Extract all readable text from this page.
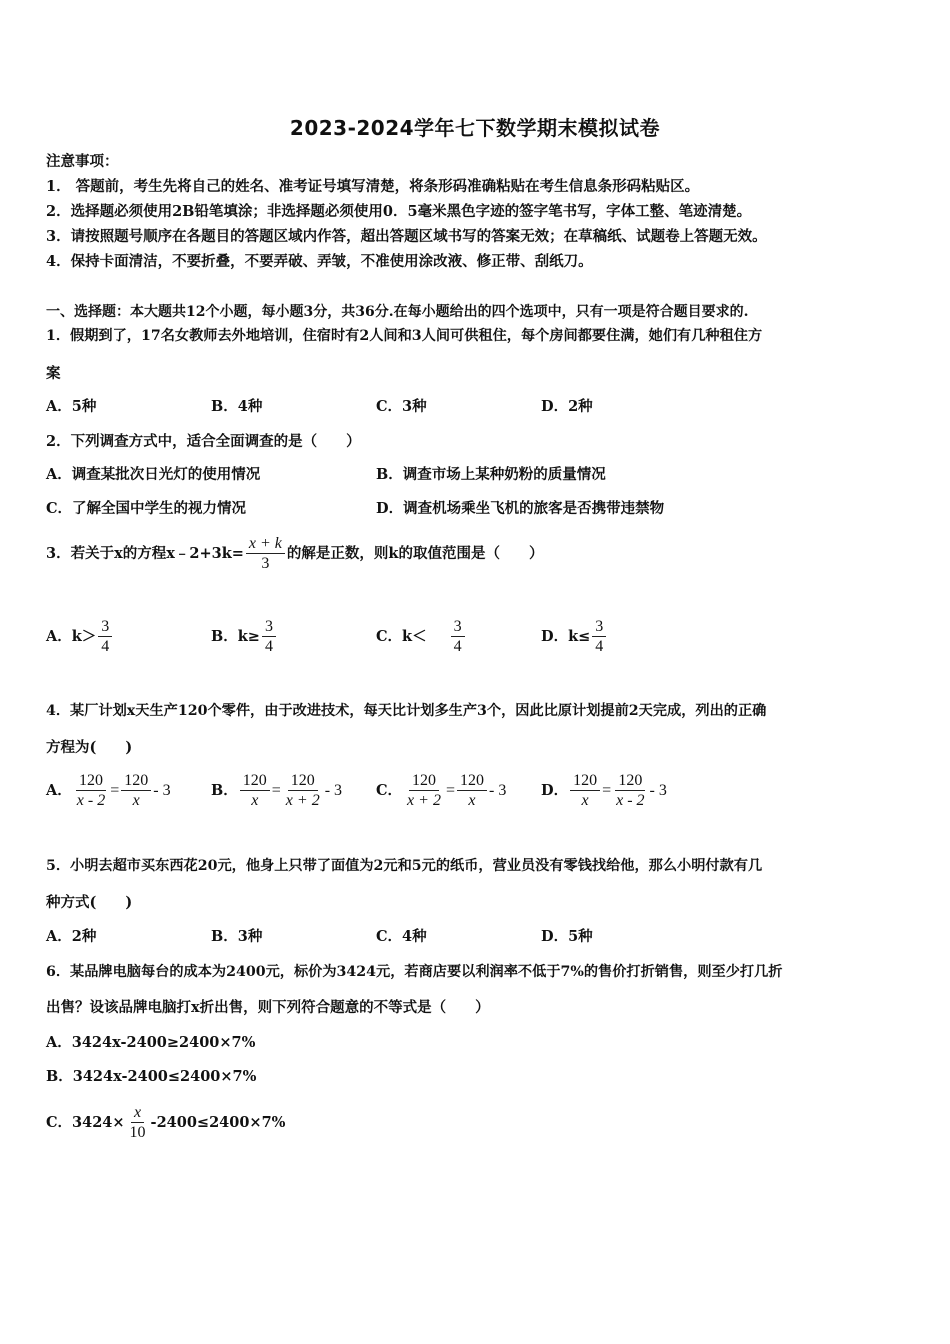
2023-2024学年七下数学期末模拟试卷
注意事项：
1． 答题前，考生先将自己的姓名、准考证号填写清楚，将条形码准确粘贴在考生信息条形码粘贴区。
2．选择题必须使用2B铅笔填涂；非选择题必须使用0．5毫米黑色字迹的签字笔书写，字体工整、笔迹清楚。
3．请按照题号顺序在各题目的答题区域内作答，超出答题区域书写的答案无效；在草稿纸、试题卷上答题无效。
4．保持卡面清洁，不要折叠，不要弄破、弄皱，不准使用涂改液、修正带、刮纸刀。
一、选择题：本大题共12个小题，每小题3分，共36分.在每小题给出的四个选项中，只有一项是符合题目要求的.
1．假期到了，17名女教师去外地培训，住宿时有2人间和3人间可供租住，每个房间都要住满，她们有几种租住方
案
A．5种	B．4种	C．3种	D．2种
2．下列调查方式中，适合全面调查的是（　　）
A．调查某批次日光灯的使用情况	B．调查市场上某种奶粉的质量情况
C．了解全国中学生的视力情况	D．调查机场乘坐飞机的旅客是否携带违禁物
3．若关于x的方程x﹣2+3k= $\frac{x + k}{3}$ 的解是正数，则k的取值范围是（　　）
A．$k> \frac{3}{4}$	B．$k\ge \frac{3}{4}$	C．$k< \frac{3}{4}$	D．$k\le \frac{3}{4}$
4．某厂计划x天生产120个零件，由于改进技术，每天比计划多生产3个，因此比原计划提前2天完成，列出的正确
方程为(　　)
A． $\frac{120}{x - 2} = \frac{120}{x} - 3$	B． $\frac{120}{x} = \frac{120}{x + 2} - 3$ C． $\frac{120}{x + 2} = \frac{120}{x} - 3$ D． $\frac{120}{x} = \frac{120}{x - 2} - 3$
5．小明去超市买东西花20元，他身上只带了面值为2元和5元的纸币，营业员没有零钱找给他，那么小明付款有几
种方式(　　)
A．2种	B．3种	C．4种	D．5种
6．某品牌电脑每台的成本为2400元，标价为3424元，若商店要以利润率不低于7%的售价打折销售，则至少打几折
出售？设该品牌电脑打x折出售，则下列符合题意的不等式是（　　）
A．3424x-2400≥2400×7%
B．3424x-2400≤2400×7%
C．$3424\times \frac{x}{10} -2400\le 2400\times 7\%$
